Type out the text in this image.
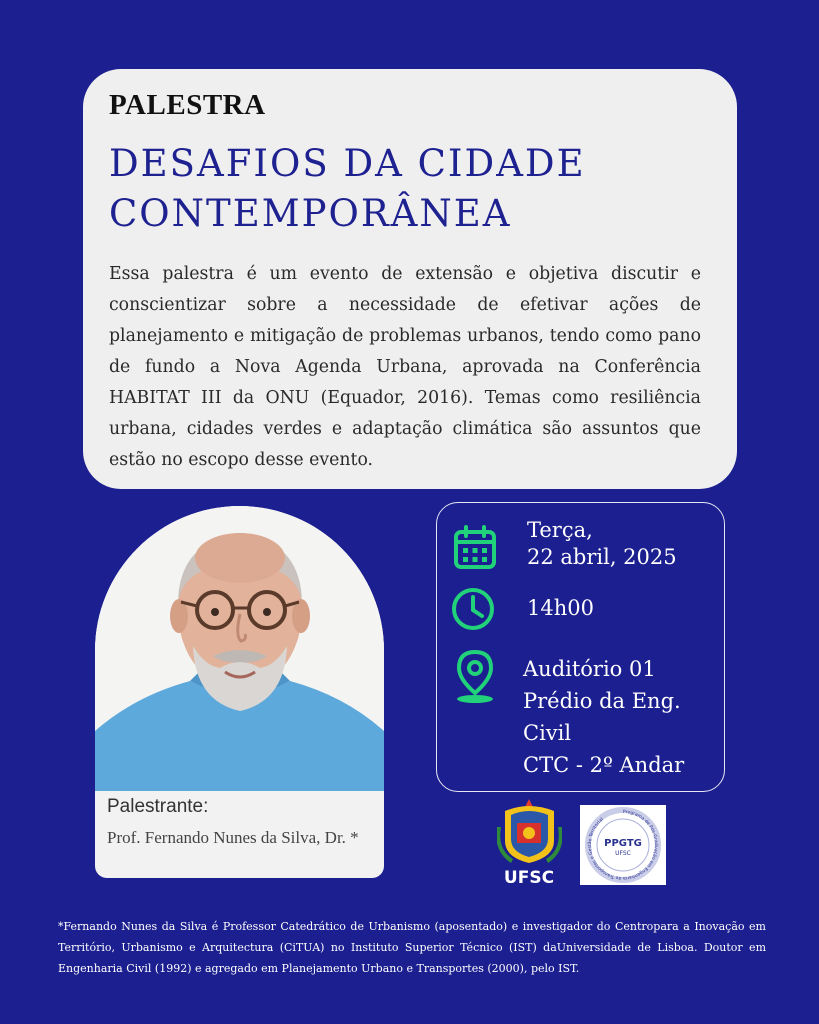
PALESTRA
DESAFIOS DA CIDADE
CONTEMPORÂNEA
Essa palestra é um evento de extensão e objetiva discutir e conscientizar sobre a necessidade de efetivar ações de planejamento e mitigação de problemas urbanos, tendo como pano de fundo a Nova Agenda Urbana, aprovada na Conferência HABITAT III da ONU (Equador, 2016). Temas como resiliência urbana, cidades verdes e adaptação climática são assuntos que estão no escopo desse evento.
Palestrante:
Prof. Fernando Nunes da Silva, Dr. *
Terça,
22 abril, 2025
14h00
Auditório 01
Prédio da Eng.
Civil
CTC - 2º Andar
UFSC
Programa de Pós-Graduação em Engenharia de Transportes e Gestão Territorial
PPGTG
UFSC
*Fernando Nunes da Silva é Professor Catedrático de Urbanismo (aposentado) e investigador do Centropara a Inovação em Território, Urbanismo e Arquitectura (CiTUA) no Instituto Superior Técnico (IST) daUniversidade de Lisboa. Doutor em Engenharia Civil (1992) e agregado em Planejamento Urbano e Transportes (2000), pelo IST.
